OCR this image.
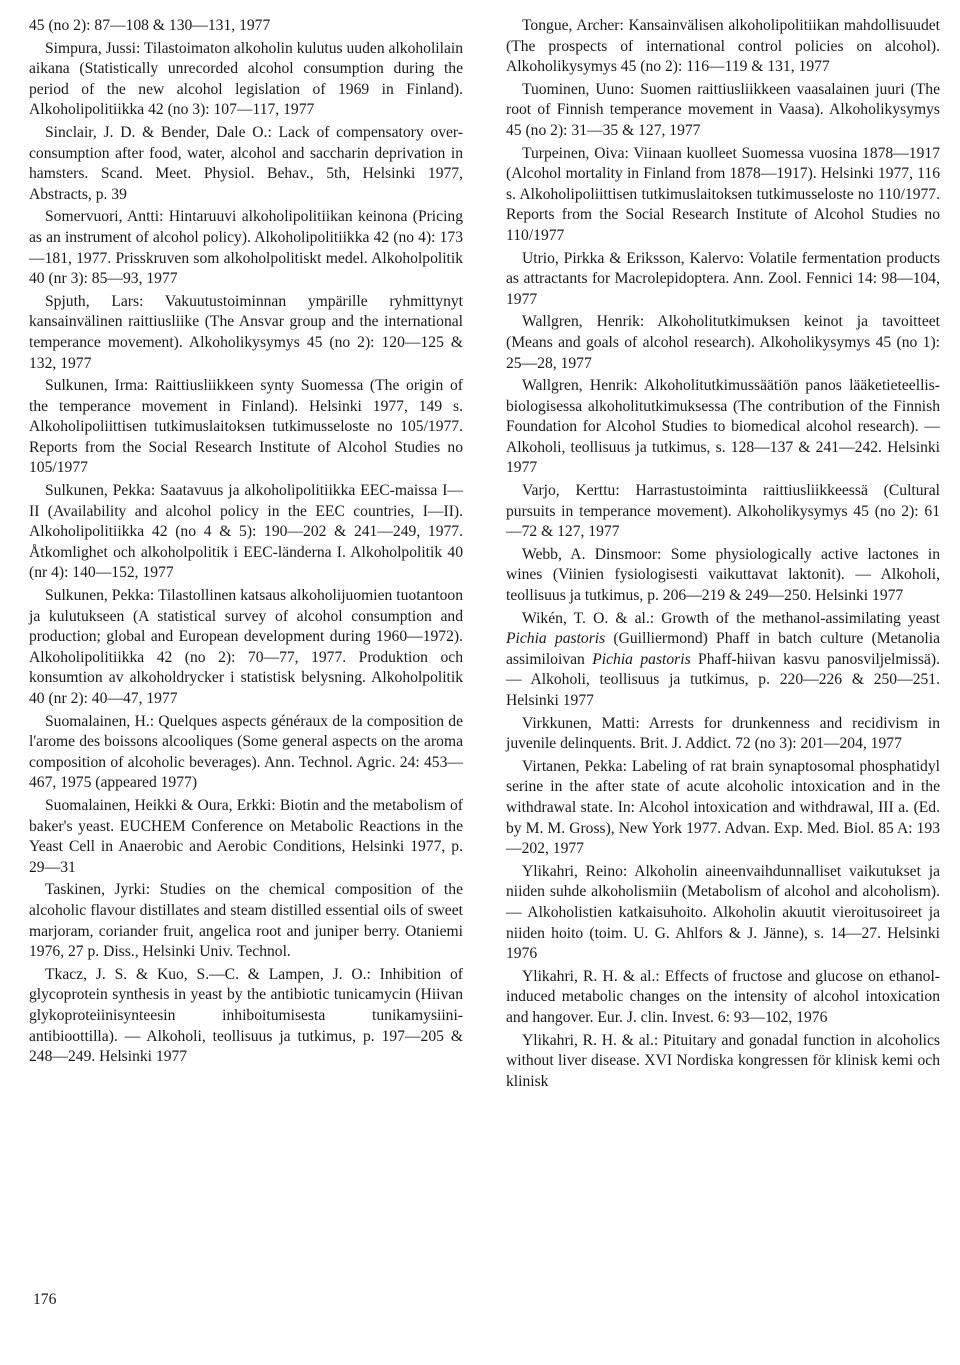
45 (no 2): 87—108 & 130—131, 1977

Simpura, Jussi: Tilastoimaton alkoholin kulutus uuden alkoholilain aikana (Statistically unrecorded alcohol consumption during the period of the new alcohol legislation of 1969 in Finland). Alkoholipolitiikka 42 (no 3): 107—117, 1977

Sinclair, J. D. & Bender, Dale O.: Lack of compensatory over-consumption after food, water, alcohol and saccharin deprivation in hamsters. Scand. Meet. Physiol. Behav., 5th, Helsinki 1977, Abstracts, p. 39

Somervuori, Antti: Hintaruuvi alkoholipolitiikan keinona (Pricing as an instrument of alcohol policy). Alkoholipolitiikka 42 (no 4): 173—181, 1977. Prisskruven som alkoholpolitiskt medel. Alkoholpolitik 40 (nr 3): 85—93, 1977

Spjuth, Lars: Vakuutustoiminnan ympärille ryhmittynyt kansainvälinen raittiusliike (The Ansvar group and the international temperance movement). Alkoholikysymys 45 (no 2): 120—125 & 132, 1977

Sulkunen, Irma: Raittiusliikkeen synty Suomessa (The origin of the temperance movement in Finland). Helsinki 1977, 149 s. Alkoholipoliittisen tutkimuslaitoksen tutkimusseloste no 105/1977. Reports from the Social Research Institute of Alcohol Studies no 105/1977

Sulkunen, Pekka: Saatavuus ja alkoholipolitiikka EEC-maissa I—II (Availability and alcohol policy in the EEC countries, I—II). Alkoholipolitiikka 42 (no 4 & 5): 190—202 & 241—249, 1977. Åtkomlighet och alkoholpolitik i EEC-länderna I. Alkoholpolitik 40 (nr 4): 140—152, 1977

Sulkunen, Pekka: Tilastollinen katsaus alkoholijuomien tuotantoon ja kulutukseen (A statistical survey of alcohol consumption and production; global and European development during 1960—1972). Alkoholipolitiikka 42 (no 2): 70—77, 1977. Produktion och konsumtion av alkoholdrycker i statistisk belysning. Alkoholpolitik 40 (nr 2): 40—47, 1977

Suomalainen, H.: Quelques aspects généraux de la composition de l'arome des boissons alcooliques (Some general aspects on the aroma composition of alcoholic beverages). Ann. Technol. Agric. 24: 453—467, 1975 (appeared 1977)

Suomalainen, Heikki & Oura, Erkki: Biotin and the metabolism of baker's yeast. EUCHEM Conference on Metabolic Reactions in the Yeast Cell in Anaerobic and Aerobic Conditions, Helsinki 1977, p. 29—31

Taskinen, Jyrki: Studies on the chemical composition of the alcoholic flavour distillates and steam distilled essential oils of sweet marjoram, coriander fruit, angelica root and juniper berry. Otaniemi 1976, 27 p. Diss., Helsinki Univ. Technol.

Tkacz, J. S. & Kuo, S.—C. & Lampen, J. O.: Inhibition of glycoprotein synthesis in yeast by the antibiotic tunicamycin (Hiivan glykoproteiinisynteesin inhiboitumisesta tunikamysiini-antibioottilla). — Alkoholi, teollisuus ja tutkimus, p. 197—205 & 248—249. Helsinki 1977

Tongue, Archer: Kansainvälisen alkoholipolitiikan mahdollisuudet (The prospects of international control policies on alcohol). Alkoholikysymys 45 (no 2): 116—119 & 131, 1977

Tuominen, Uuno: Suomen raittiusliikkeen vaasalainen juuri (The root of Finnish temperance movement in Vaasa). Alkoholikysymys 45 (no 2): 31—35 & 127, 1977

Turpeinen, Oiva: Viinaan kuolleet Suomessa vuosina 1878—1917 (Alcohol mortality in Finland from 1878—1917). Helsinki 1977, 116 s. Alkoholipoliittisen tutkimuslaitoksen tutkimusseloste no 110/1977. Reports from the Social Research Institute of Alcohol Studies no 110/1977

Utrio, Pirkka & Eriksson, Kalervo: Volatile fermentation products as attractants for Macrolepidoptera. Ann. Zool. Fennici 14: 98—104, 1977

Wallgren, Henrik: Alkoholitutkimuksen keinot ja tavoitteet (Means and goals of alcohol research). Alkoholikysymys 45 (no 1): 25—28, 1977

Wallgren, Henrik: Alkoholitutkimussäätiön panos lääketieteellis-biologisessa alkoholitutkimuksessa (The contribution of the Finnish Foundation for Alcohol Studies to biomedical alcohol research). — Alkoholi, teollisuus ja tutkimus, s. 128—137 & 241—242. Helsinki 1977

Varjo, Kerttu: Harrastustoiminta raittiusliikkeessä (Cultural pursuits in temperance movement). Alkoholikysymys 45 (no 2): 61—72 & 127, 1977

Webb, A. Dinsmoor: Some physiologically active lactones in wines (Viinien fysiologisesti vaikuttavat laktonit). — Alkoholi, teollisuus ja tutkimus, p. 206—219 & 249—250. Helsinki 1977

Wikén, T. O. & al.: Growth of the methanol-assimilating yeast Pichia pastoris (Guilliermond) Phaff in batch culture (Metanolia assimiloivan Pichia pastoris Phaff-hiivan kasvu panosviljelmissä). — Alkoholi, teollisuus ja tutkimus, p. 220—226 & 250—251. Helsinki 1977

Virkkunen, Matti: Arrests for drunkenness and recidivism in juvenile delinquents. Brit. J. Addict. 72 (no 3): 201—204, 1977

Virtanen, Pekka: Labeling of rat brain synaptosomal phosphatidyl serine in the after state of acute alcoholic intoxication and in the withdrawal state. In: Alcohol intoxication and withdrawal, III a. (Ed. by M. M. Gross), New York 1977. Advan. Exp. Med. Biol. 85 A: 193—202, 1977

Ylikahri, Reino: Alkoholin aineenvaihdunnalliset vaikutukset ja niiden suhde alkoholismiin (Metabolism of alcohol and alcoholism). — Alkoholistien katkaisuhoito. Alkoholin akuutit vieroitusoireet ja niiden hoito (toim. U. G. Ahlfors & J. Jänne), s. 14—27. Helsinki 1976

Ylikahri, R. H. & al.: Effects of fructose and glucose on ethanol-induced metabolic changes on the intensity of alcohol intoxication and hangover. Eur. J. clin. Invest. 6: 93—102, 1976

Ylikahri, R. H. & al.: Pituitary and gonadal function in alcoholics without liver disease. XVI Nordiska kongressen för klinisk kemi och klinisk

176
